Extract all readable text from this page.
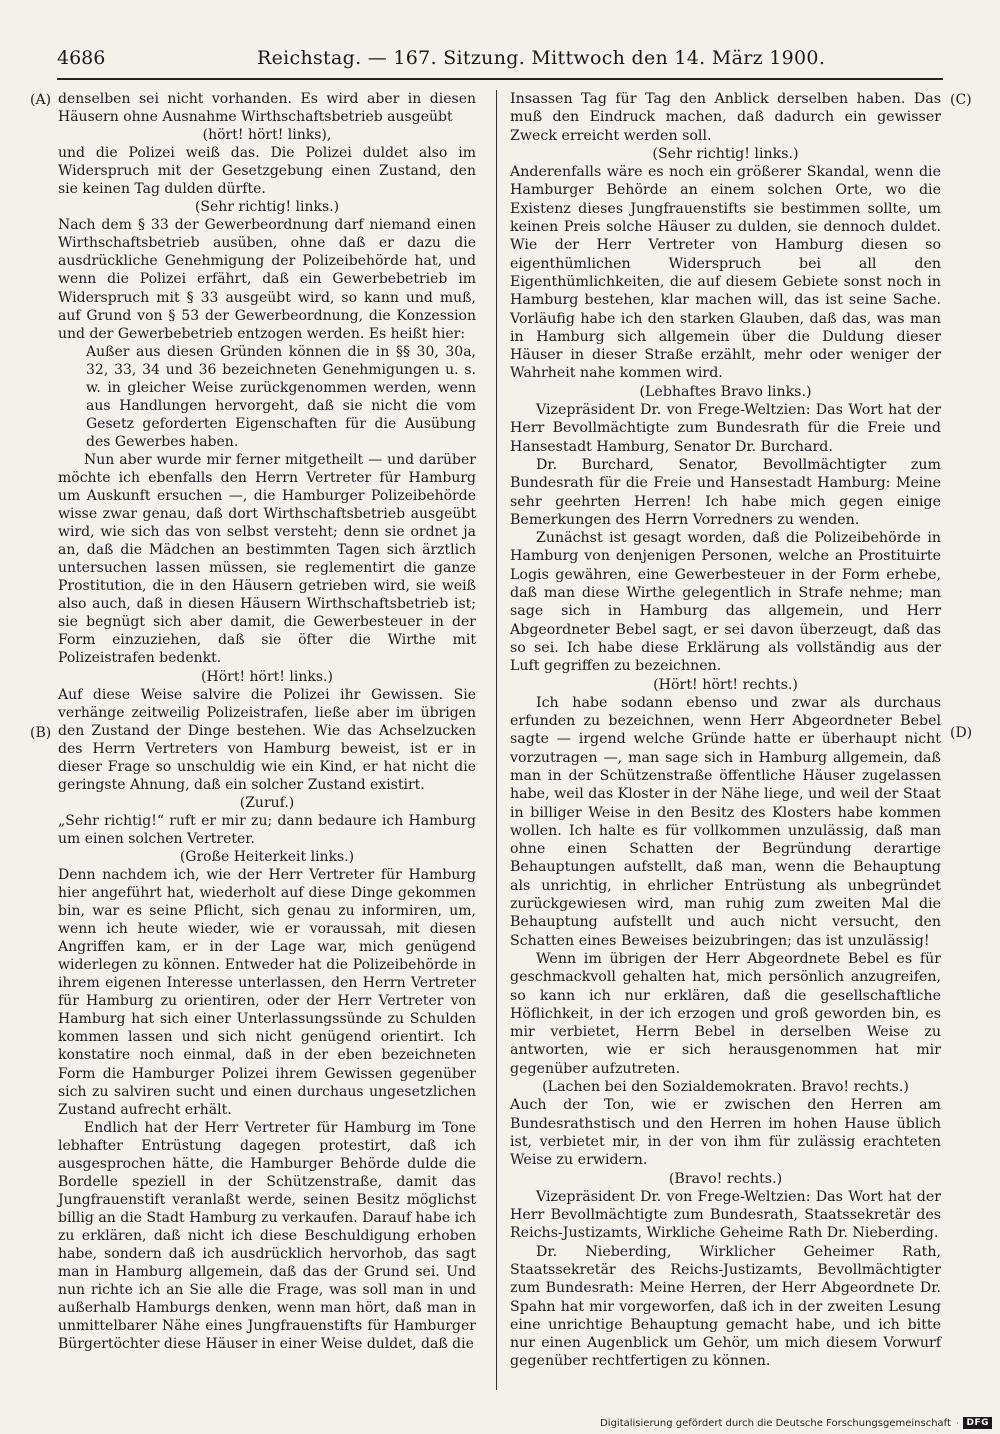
4686	Reichstag. — 167. Sitzung. Mittwoch den 14. März 1900.
(A)
(B)
(C)
(D)

denselben sei nicht vorhanden. Es wird aber in diesen Häusern ohne Ausnahme Wirthschaftsbetrieb ausgeübt

(hört! hört! links),

und die Polizei weiß das. Die Polizei duldet also im Widerspruch mit der Gesetzgebung einen Zustand, den sie keinen Tag dulden dürfte.

(Sehr richtig! links.)

Nach dem § 33 der Gewerbeordnung darf niemand einen Wirthschaftsbetrieb ausüben, ohne daß er dazu die ausdrückliche Genehmigung der Polizeibehörde hat, und wenn die Polizei erfährt, daß ein Gewerbebetrieb im Widerspruch mit § 33 ausgeübt wird, so kann und muß, auf Grund von § 53 der Gewerbeordnung, die Konzession und der Gewerbebetrieb entzogen werden. Es heißt hier:

Außer aus diesen Gründen können die in §§ 30, 30a, 32, 33, 34 und 36 bezeichneten Genehmigungen u. s. w. in gleicher Weise zurückgenommen werden, wenn aus Handlungen hervorgeht, daß sie nicht die vom Gesetz geforderten Eigenschaften für die Ausübung des Gewerbes haben.

Nun aber wurde mir ferner mitgetheilt — und darüber möchte ich ebenfalls den Herrn Vertreter für Hamburg um Auskunft ersuchen —, die Hamburger Polizeibehörde wisse zwar genau, daß dort Wirthschaftsbetrieb ausgeübt wird, wie sich das von selbst versteht; denn sie ordnet ja an, daß die Mädchen an bestimmten Tagen sich ärztlich untersuchen lassen müssen, sie reglementirt die ganze Prostitution, die in den Häusern getrieben wird, sie weiß also auch, daß in diesen Häusern Wirthschaftsbetrieb ist; sie begnügt sich aber damit, die Gewerbesteuer in der Form einzuziehen, daß sie öfter die Wirthe mit Polizeistrafen bedenkt.

(Hört! hört! links.)

Auf diese Weise salvire die Polizei ihr Gewissen. Sie verhänge zeitweilig Polizeistrafen, ließe aber im übrigen den Zustand der Dinge bestehen. Wie das Achselzucken des Herrn Vertreters von Hamburg beweist, ist er in dieser Frage so unschuldig wie ein Kind, er hat nicht die geringste Ahnung, daß ein solcher Zustand existirt.

(Zuruf.)

„Sehr richtig!“ ruft er mir zu; dann bedaure ich Hamburg um einen solchen Vertreter.

(Große Heiterkeit links.)

Denn nachdem ich, wie der Herr Vertreter für Hamburg hier angeführt hat, wiederholt auf diese Dinge gekommen bin, war es seine Pflicht, sich genau zu informiren, um, wenn ich heute wieder, wie er voraussah, mit diesen Angriffen kam, er in der Lage war, mich genügend widerlegen zu können. Entweder hat die Polizeibehörde in ihrem eigenen Interesse unterlassen, den Herrn Vertreter für Hamburg zu orientiren, oder der Herr Vertreter von Hamburg hat sich einer Unterlassungssünde zu Schulden kommen lassen und sich nicht genügend orientirt. Ich konstatire noch einmal, daß in der eben bezeichneten Form die Hamburger Polizei ihrem Gewissen gegenüber sich zu salviren sucht und einen durchaus ungesetzlichen Zustand aufrecht erhält.

Endlich hat der Herr Vertreter für Hamburg im Tone lebhafter Entrüstung dagegen protestirt, daß ich ausgesprochen hätte, die Hamburger Behörde dulde die Bordelle speziell in der Schützenstraße, damit das Jungfrauenstift veranlaßt werde, seinen Besitz möglichst billig an die Stadt Hamburg zu verkaufen. Darauf habe ich zu erklären, daß nicht ich diese Beschuldigung erhoben habe, sondern daß ich ausdrücklich hervorhob, das sagt man in Hamburg allgemein, daß das der Grund sei. Und nun richte ich an Sie alle die Frage, was soll man in und außerhalb Hamburgs denken, wenn man hört, daß man in unmittelbarer Nähe eines Jungfrauenstifts für Hamburger Bürgertöchter diese Häuser in einer Weise duldet, daß die

Insassen Tag für Tag den Anblick derselben haben. Das muß den Eindruck machen, daß dadurch ein gewisser Zweck erreicht werden soll.

(Sehr richtig! links.)

Anderenfalls wäre es noch ein größerer Skandal, wenn die Hamburger Behörde an einem solchen Orte, wo die Existenz dieses Jungfrauenstifts sie bestimmen sollte, um keinen Preis solche Häuser zu dulden, sie dennoch duldet. Wie der Herr Vertreter von Hamburg diesen so eigenthümlichen Widerspruch bei all den Eigenthümlichkeiten, die auf diesem Gebiete sonst noch in Hamburg bestehen, klar machen will, das ist seine Sache. Vorläufig habe ich den starken Glauben, daß das, was man in Hamburg sich allgemein über die Duldung dieser Häuser in dieser Straße erzählt, mehr oder weniger der Wahrheit nahe kommen wird.

(Lebhaftes Bravo links.)

Vizepräsident Dr. von Frege-Weltzien: Das Wort hat der Herr Bevollmächtigte zum Bundesrath für die Freie und Hansestadt Hamburg, Senator Dr. Burchard.

Dr. Burchard, Senator, Bevollmächtigter zum Bundesrath für die Freie und Hansestadt Hamburg: Meine sehr geehrten Herren! Ich habe mich gegen einige Bemerkungen des Herrn Vorredners zu wenden.

Zunächst ist gesagt worden, daß die Polizeibehörde in Hamburg von denjenigen Personen, welche an Prostituirte Logis gewähren, eine Gewerbesteuer in der Form erhebe, daß man diese Wirthe gelegentlich in Strafe nehme; man sage sich in Hamburg das allgemein, und Herr Abgeordneter Bebel sagt, er sei davon überzeugt, daß das so sei. Ich habe diese Erklärung als vollständig aus der Luft gegriffen zu bezeichnen.

(Hört! hört! rechts.)

Ich habe sodann ebenso und zwar als durchaus erfunden zu bezeichnen, wenn Herr Abgeordneter Bebel sagte — irgend welche Gründe hatte er überhaupt nicht vorzutragen —, man sage sich in Hamburg allgemein, daß man in der Schützenstraße öffentliche Häuser zugelassen habe, weil das Kloster in der Nähe liege, und weil der Staat in billiger Weise in den Besitz des Klosters habe kommen wollen. Ich halte es für vollkommen unzulässig, daß man ohne einen Schatten der Begründung derartige Behauptungen aufstellt, daß man, wenn die Behauptung als unrichtig, in ehrlicher Entrüstung als unbegründet zurückgewiesen wird, man ruhig zum zweiten Mal die Behauptung aufstellt und auch nicht versucht, den Schatten eines Beweises beizubringen; das ist unzulässig!

Wenn im übrigen der Herr Abgeordnete Bebel es für geschmackvoll gehalten hat, mich persönlich anzugreifen, so kann ich nur erklären, daß die gesellschaftliche Höflichkeit, in der ich erzogen und groß geworden bin, es mir verbietet, Herrn Bebel in derselben Weise zu antworten, wie er sich herausgenommen hat mir gegenüber aufzutreten.

(Lachen bei den Sozialdemokraten. Bravo! rechts.)

Auch der Ton, wie er zwischen den Herren am Bundesrathstisch und den Herren im hohen Hause üblich ist, verbietet mir, in der von ihm für zulässig erachteten Weise zu erwidern.

(Bravo! rechts.)

Vizepräsident Dr. von Frege-Weltzien: Das Wort hat der Herr Bevollmächtigte zum Bundesrath, Staatssekretär des Reichs-Justizamts, Wirkliche Geheime Rath Dr. Nieberding.

Dr. Nieberding, Wirklicher Geheimer Rath, Staatssekretär des Reichs-Justizamts, Bevollmächtigter zum Bundesrath: Meine Herren, der Herr Abgeordnete Dr. Spahn hat mir vorgeworfen, daß ich in der zweiten Lesung eine unrichtige Behauptung gemacht habe, und ich bitte nur einen Augenblick um Gehör, um mich diesem Vorwurf gegenüber rechtfertigen zu können.

Digitalisierung gefördert durch die Deutsche Forschungsgemeinschaft · DFG
